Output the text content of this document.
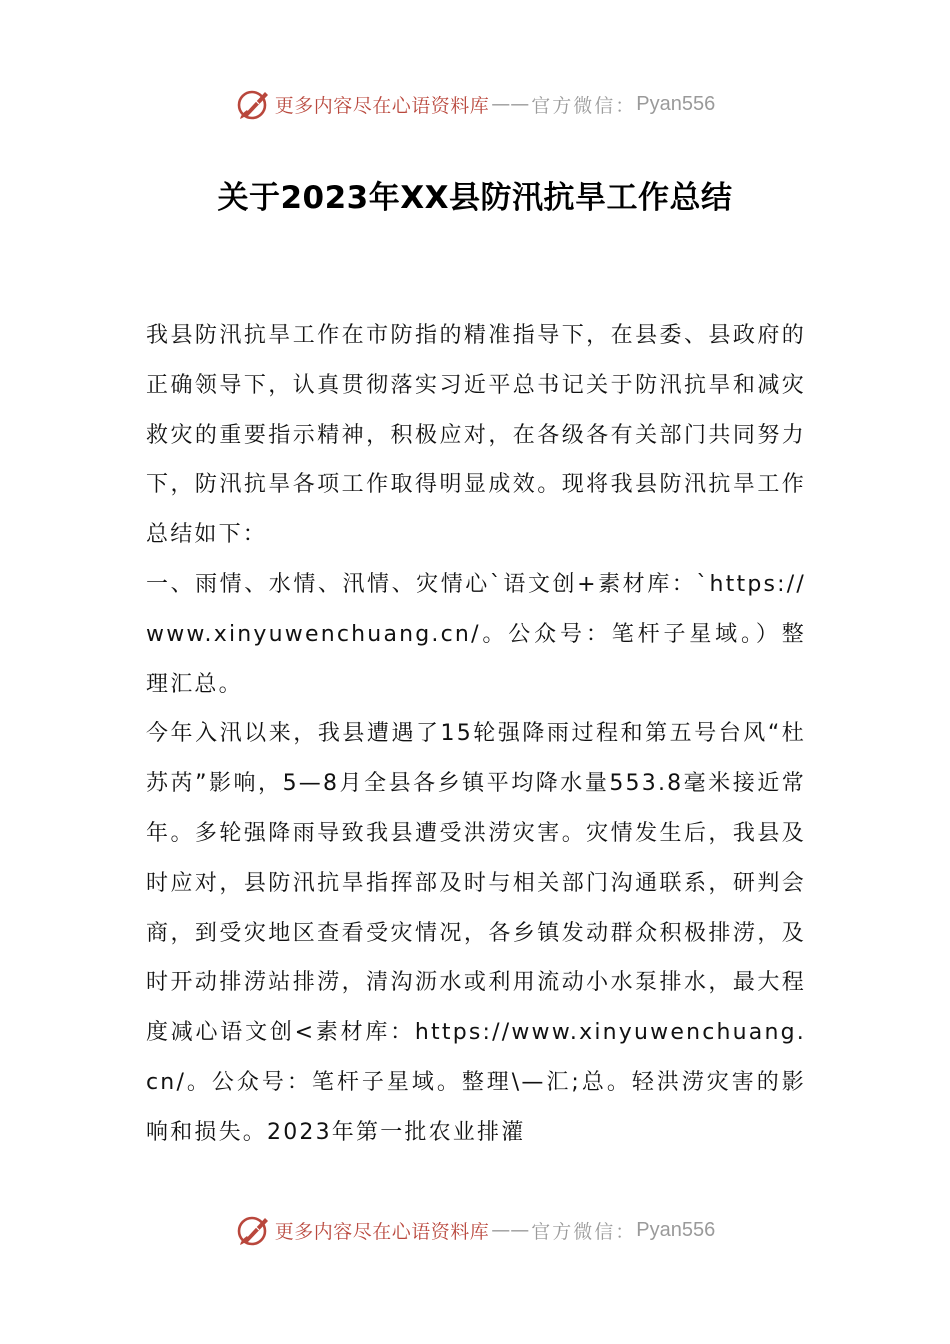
更多内容尽在心语资料库 —— 官方微信： Pyan556
关于2023年XX县防汛抗旱工作总结

我县防汛抗旱工作在市防指的精准指导下，在县委、县政府的正确领导下，认真贯彻落实习近平总书记关于防汛抗旱和减灾救灾的重要指示精神，积极应对，在各级各有关部门共同努力下，防汛抗旱各项工作取得明显成效。现将我县防汛抗旱工作总结如下：

一、雨情、水情、汛情、灾情心`语文创+素材库：`https://www.xinyuwenchuang.cn/。公众号：笔杆子星域。）整理汇总。

今年入汛以来，我县遭遇了15轮强降雨过程和第五号台风“杜苏芮”影响，5—8月全县各乡镇平均降水量553.8毫米接近常年。多轮强降雨导致我县遭受洪涝灾害。灾情发生后，我县及时应对，县防汛抗旱指挥部及时与相关部门沟通联系，研判会商，到受灾地区查看受灾情况，各乡镇发动群众积极排涝，及时开动排涝站排涝，清沟沥水或利用流动小水泵排水，最大程度减心语文创<素材库：https://www.xinyuwenchuang.cn/。公众号：笔杆子星域。整理\—汇;总。轻洪涝灾害的影响和损失。2023年第一批农业排灌

更多内容尽在心语资料库 —— 官方微信： Pyan556
